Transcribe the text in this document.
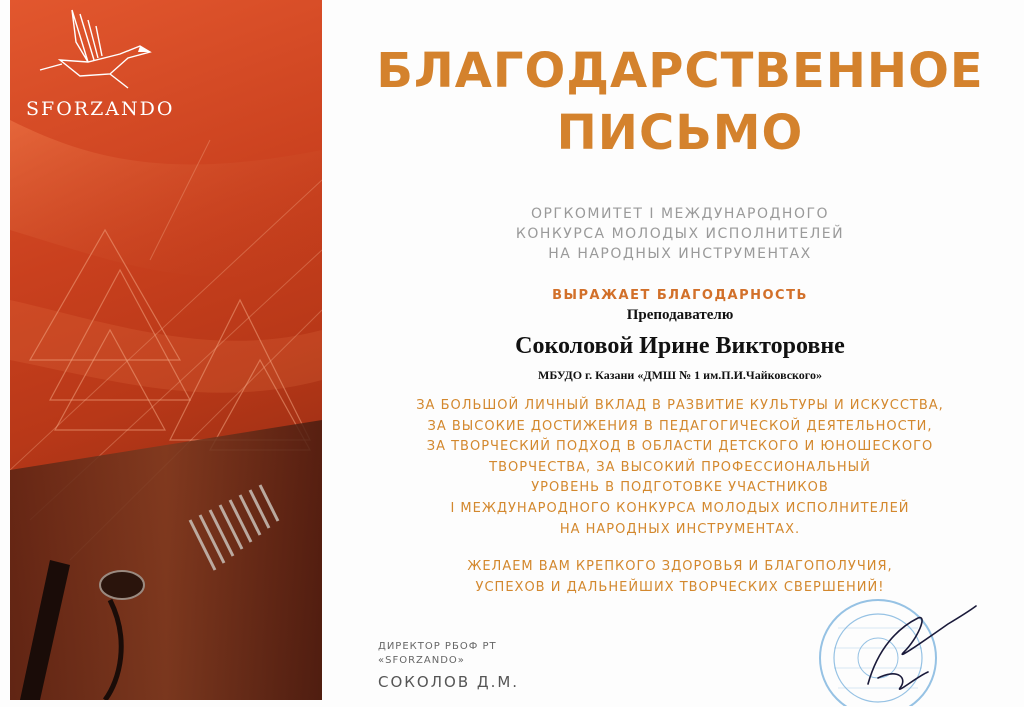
SFORZANDO
БЛАГОДАРСТВЕННОЕ
ПИСЬМО
ОРГКОМИТЕТ I МЕЖДУНАРОДНОГО
КОНКУРСА МОЛОДЫХ ИСПОЛНИТЕЛЕЙ
НА НАРОДНЫХ ИНСТРУМЕНТАХ
ВЫРАЖАЕТ БЛАГОДАРНОСТЬ
Преподавателю
Соколовой Ирине Викторовне
МБУДО г. Казани «ДМШ № 1 им.П.И.Чайковского»
ЗА БОЛЬШОЙ ЛИЧНЫЙ ВКЛАД В РАЗВИТИЕ КУЛЬТУРЫ И ИСКУССТВА,
ЗА ВЫСОКИЕ ДОСТИЖЕНИЯ В ПЕДАГОГИЧЕСКОЙ ДЕЯТЕЛЬНОСТИ,
ЗА ТВОРЧЕСКИЙ ПОДХОД В ОБЛАСТИ ДЕТСКОГО И ЮНОШЕСКОГО
ТВОРЧЕСТВА, ЗА ВЫСОКИЙ ПРОФЕССИОНАЛЬНЫЙ
УРОВЕНЬ В ПОДГОТОВКЕ УЧАСТНИКОВ
I МЕЖДУНАРОДНОГО КОНКУРСА МОЛОДЫХ ИСПОЛНИТЕЛЕЙ
НА НАРОДНЫХ ИНСТРУМЕНТАХ.
ЖЕЛАЕМ ВАМ КРЕПКОГО ЗДОРОВЬЯ И БЛАГОПОЛУЧИЯ,
УСПЕХОВ И ДАЛЬНЕЙШИХ ТВОРЧЕСКИХ СВЕРШЕНИЙ!
ДИРЕКТОР РБОФ РТ
«SFORZANDO»
СОКОЛОВ Д.М.
